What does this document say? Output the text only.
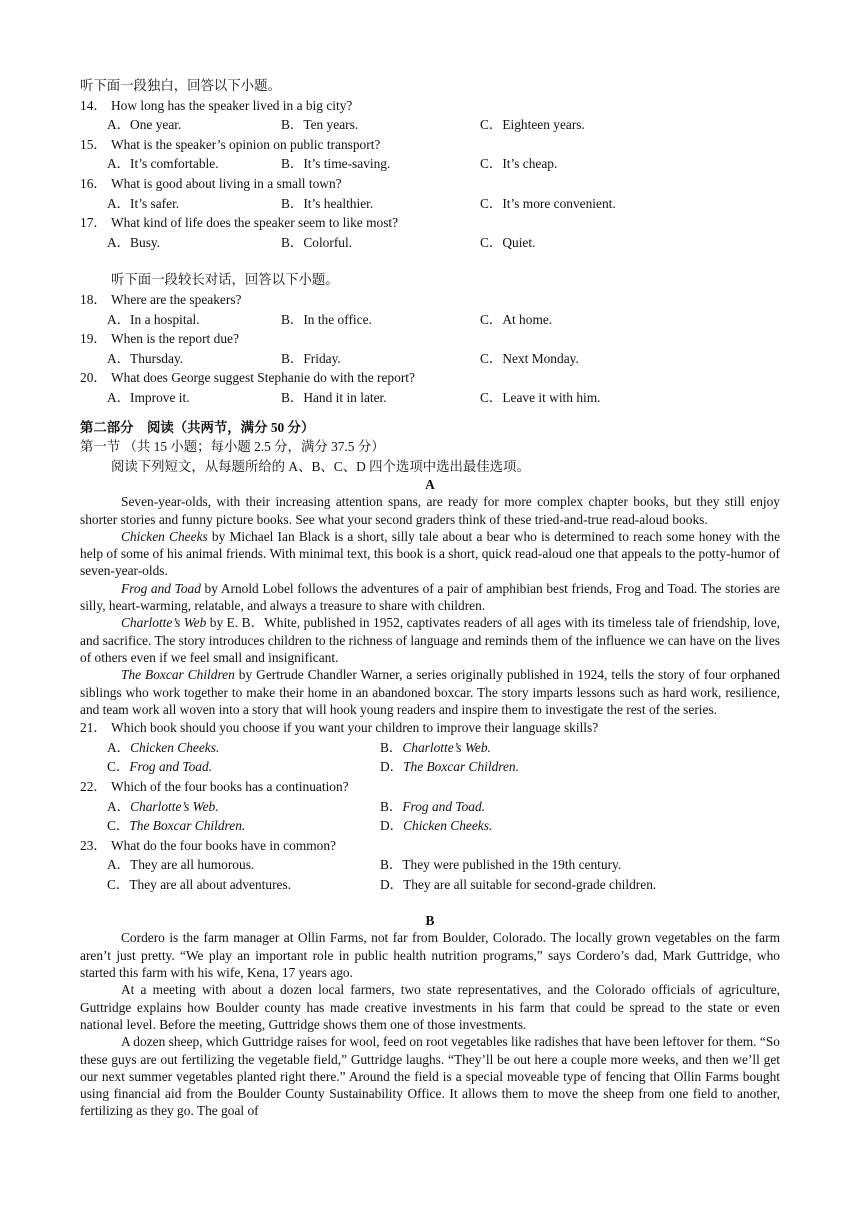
听下面一段独白，回答以下小题。
14． How long has the speaker lived in a big city?
A．One year.	B．Ten years.	C．Eighteen years.
15． What is the speaker’s opinion on public transport?
A．It’s comfortable.	B．It’s time-saving.	C．It’s cheap.
16． What is good about living in a small town?
A．It’s safer.	B．It’s healthier.	C．It’s more convenient.
17． What kind of life does the speaker seem to like most?
A．Busy.	B．Colorful.	C．Quiet.
听下面一段较长对话，回答以下小题。
18． Where are the speakers?
A．In a hospital.	B．In the office.	C．At home.
19． When is the report due?
A．Thursday.	B．Friday.	C．Next Monday.
20． What does George suggest Stephanie do with the report?
A．Improve it.	B．Hand it in later.	C．Leave it with him.
第二部分　阅读（共两节，满分 50 分）
第一节 （共 15 小题；每小题 2.5 分，满分 37.5 分）
阅读下列短文，从每题所给的 A、B、C、D 四个选项中选出最佳选项。
A
Seven-year-olds, with their increasing attention spans, are ready for more complex chapter books, but they still enjoy shorter stories and funny picture books. See what your second graders think of these tried-and-true read-aloud books.
Chicken Cheeks by Michael Ian Black is a short, silly tale about a bear who is determined to reach some honey with the help of some of his animal friends. With minimal text, this book is a short, quick read-aloud one that appeals to the potty-humor of seven-year-olds.
Frog and Toad by Arnold Lobel follows the adventures of a pair of amphibian best friends, Frog and Toad. The stories are silly, heart-warming, relatable, and always a treasure to share with children.
Charlotte’s Web by E. B．White, published in 1952, captivates readers of all ages with its timeless tale of friendship, love, and sacrifice. The story introduces children to the richness of language and reminds them of the influence we can have on the lives of others even if we feel small and insignificant.
The Boxcar Children by Gertrude Chandler Warner, a series originally published in 1924, tells the story of four orphaned siblings who work together to make their home in an abandoned boxcar. The story imparts lessons such as hard work, resilience, and team work all woven into a story that will hook young readers and inspire them to investigate the rest of the series.
21． Which book should you choose if you want your children to improve their language skills?
A．Chicken Cheeks.	B．Charlotte’s Web.
C．Frog and Toad.	D．The Boxcar Children.
22． Which of the four books has a continuation?
A．Charlotte’s Web.	B．Frog and Toad.
C．The Boxcar Children.	D．Chicken Cheeks.
23． What do the four books have in common?
A．They are all humorous.	B．They were published in the 19th century.
C．They are all about adventures.	D．They are all suitable for second-grade children.
B
Cordero is the farm manager at Ollin Farms, not far from Boulder, Colorado. The locally grown vegetables on the farm aren’t just pretty. “We play an important role in public health nutrition programs,” says Cordero’s dad, Mark Guttridge, who started this farm with his wife, Kena, 17 years ago.
At a meeting with about a dozen local farmers, two state representatives, and the Colorado officials of agriculture, Guttridge explains how Boulder county has made creative investments in his farm that could be spread to the state or even national level. Before the meeting, Guttridge shows them one of those investments.
A dozen sheep, which Guttridge raises for wool, feed on root vegetables like radishes that have been leftover for them. “So these guys are out fertilizing the vegetable field,” Guttridge laughs. “They’ll be out here a couple more weeks, and then we’ll get our next summer vegetables planted right there.” Around the field is a special moveable type of fencing that Ollin Farms bought using financial aid from the Boulder County Sustainability Office. It allows them to move the sheep from one field to another, fertilizing as they go. The goal of
